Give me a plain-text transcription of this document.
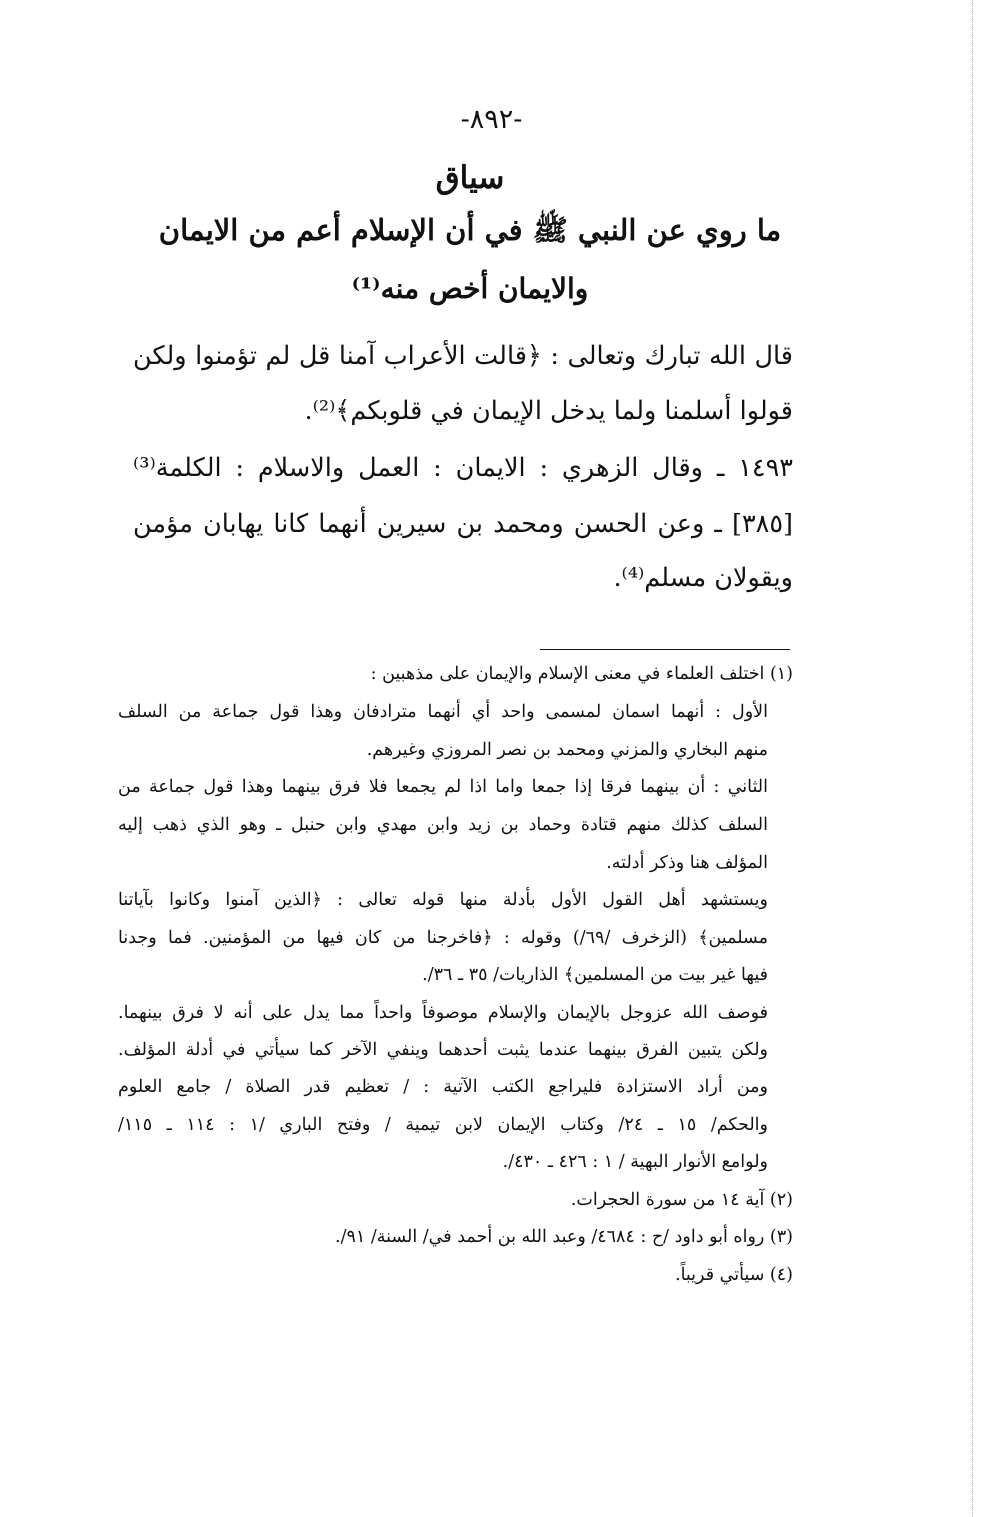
-٨٩٢-
سياق
ما روي عن النبي ﷺ في أن الإسلام أعم من الايمان
والايمان أخص منه⁽¹⁾
قال الله تبارك وتعالى : ﴿قالت الأعراب آمنا قل لم تؤمنوا ولكن
قولوا أسلمنا ولما يدخل الإيمان في قلوبكم﴾⁽²⁾.
١٤٩٣ ـ وقال الزهري : الايمان : العمل والاسلام : الكلمة⁽³⁾
[٣٨٥] ـ وعن الحسن ومحمد بن سيرين أنهما كانا يهابان مؤمن
ويقولان مسلم⁽⁴⁾.
(١) اختلف العلماء في معنى الإسلام والإيمان على مذهبين :
الأول : أنهما اسمان لمسمى واحد أي أنهما مترادفان وهذا قول جماعة من السلف
منهم البخاري والمزني ومحمد بن نصر المروزي وغيرهم.
الثاني : أن بينهما فرقا إذا جمعا واما اذا لم يجمعا فلا فرق بينهما وهذا قول جماعة من
السلف كذلك منهم قتادة وحماد بن زيد وابن مهدي وابن حنبل ـ وهو الذي ذهب إليه
المؤلف هنا وذكر أدلته.
ويستشهد أهل القول الأول بأدلة منها قوله تعالى : ﴿الذين آمنوا وكانوا بآياتنا
مسلمين﴾ (الزخرف /٦٩/) وقوله : ﴿فاخرجنا من كان فيها من المؤمنين. فما وجدنا
فيها غير بيت من المسلمين﴾ الذاريات/ ٣٥ ـ ٣٦/.
فوصف الله عزوجل بالإيمان والإسلام موصوفاً واحداً مما يدل على أنه لا فرق بينهما.
ولكن يتبين الفرق بينهما عندما يثبت أحدهما وينفي الآخر كما سيأتي في أدلة المؤلف.
ومن أراد الاستزادة فليراجع الكتب الآتية : / تعظيم قدر الصلاة / جامع العلوم
والحكم/ ١٥ ـ ٢٤/ وكتاب الإيمان لابن تيمية / وفتح الباري /١ : ١١٤ ـ ١١٥/
ولوامع الأنوار البهية / ١ : ٤٢٦ ـ ٤٣٠/.
(٢) آية ١٤ من سورة الحجرات.
(٣) رواه أبو داود /ح : ٤٦٨٤/ وعبد الله بن أحمد في/ السنة/ ٩١/.
(٤) سيأتي قريباً.
